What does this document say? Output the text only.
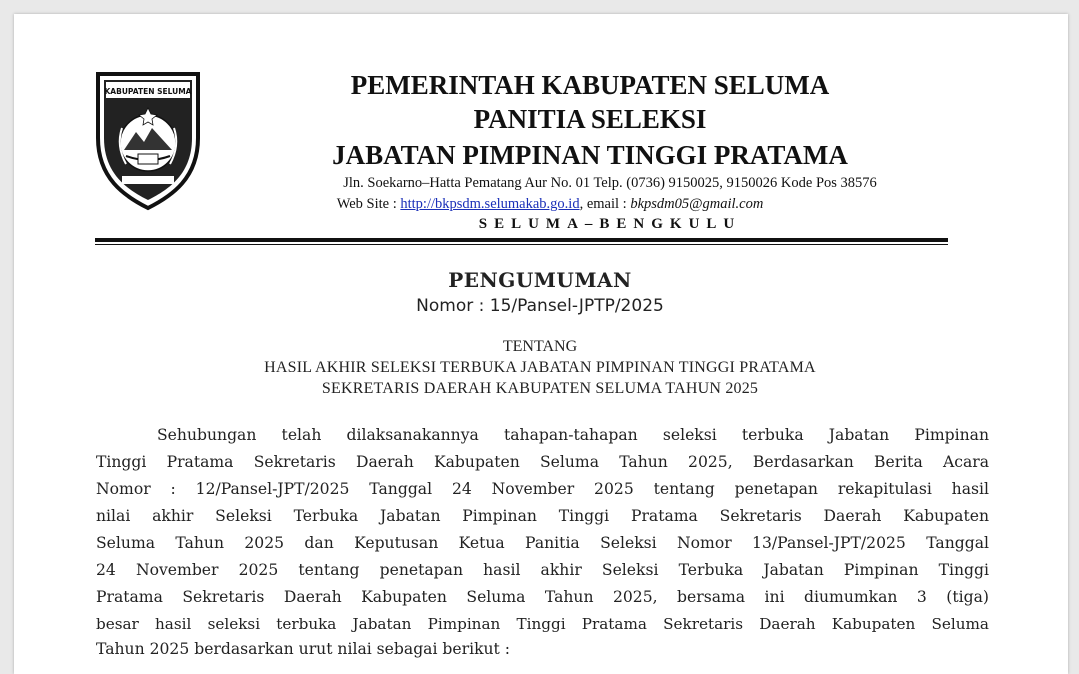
KABUPATEN SELUMA	PEMERINTAH KABUPATEN SELUMA
PANITIA SELEKSI
JABATAN PIMPINAN TINGGI PRATAMA
Jln. Soekarno–Hatta Pematang Aur No. 01 Telp. (0736) 9150025, 9150026 Kode Pos 38576
Web Site : http://bkpsdm.selumakab.go.id, email : bkpsdm05@gmail.com
SELUMA–BENGKULU
PENGUMUMAN
Nomor : 15/Pansel-JPTP/2025
TENTANG
HASIL AKHIR SELEKSI TERBUKA JABATAN PIMPINAN TINGGI PRATAMA
SEKRETARIS DAERAH KABUPATEN SELUMA TAHUN 2025
Sehubungan telah dilaksanakannya tahapan-tahapan seleksi terbuka Jabatan Pimpinan
Tinggi Pratama Sekretaris Daerah Kabupaten Seluma Tahun 2025, Berdasarkan Berita Acara
Nomor : 12/Pansel-JPT/2025 Tanggal 24 November 2025 tentang penetapan rekapitulasi hasil
nilai akhir Seleksi Terbuka Jabatan Pimpinan Tinggi Pratama Sekretaris Daerah Kabupaten
Seluma Tahun 2025 dan Keputusan Ketua Panitia Seleksi Nomor 13/Pansel-JPT/2025 Tanggal
24 November 2025 tentang penetapan hasil akhir Seleksi Terbuka Jabatan Pimpinan Tinggi
Pratama Sekretaris Daerah Kabupaten Seluma Tahun 2025, bersama ini diumumkan 3 (tiga)
besar hasil seleksi terbuka Jabatan Pimpinan Tinggi Pratama Sekretaris Daerah Kabupaten Seluma
Tahun 2025 berdasarkan urut nilai sebagai berikut :
